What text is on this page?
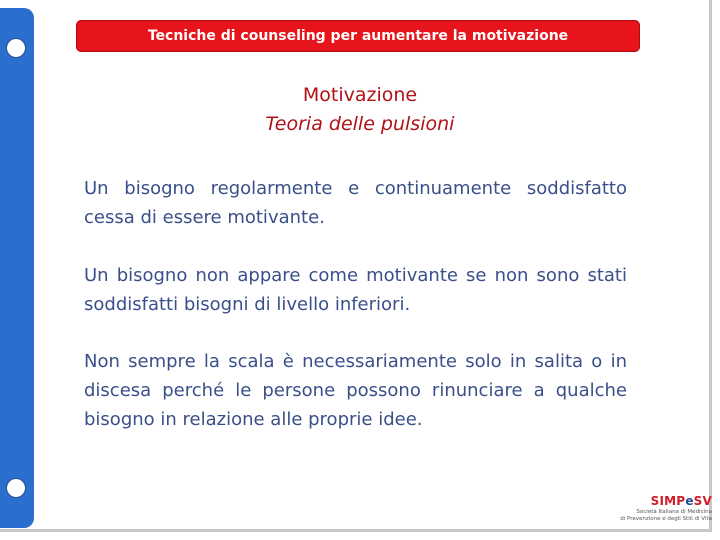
Tecniche di counseling per aumentare la motivazione
Motivazione
Teoria delle pulsioni
Un bisogno regolarmente e continuamente soddisfatto cessa di essere motivante.
Un bisogno non appare come motivante se non sono stati soddisfatti bisogni di livello inferiori.
Non sempre la scala è necessariamente solo in salita o in discesa perché le persone possono rinunciare a qualche bisogno in relazione alle proprie idee.
SIMPeSV
Società Italiana di Medicina
di Prevenzione e degli Stili di Vita
